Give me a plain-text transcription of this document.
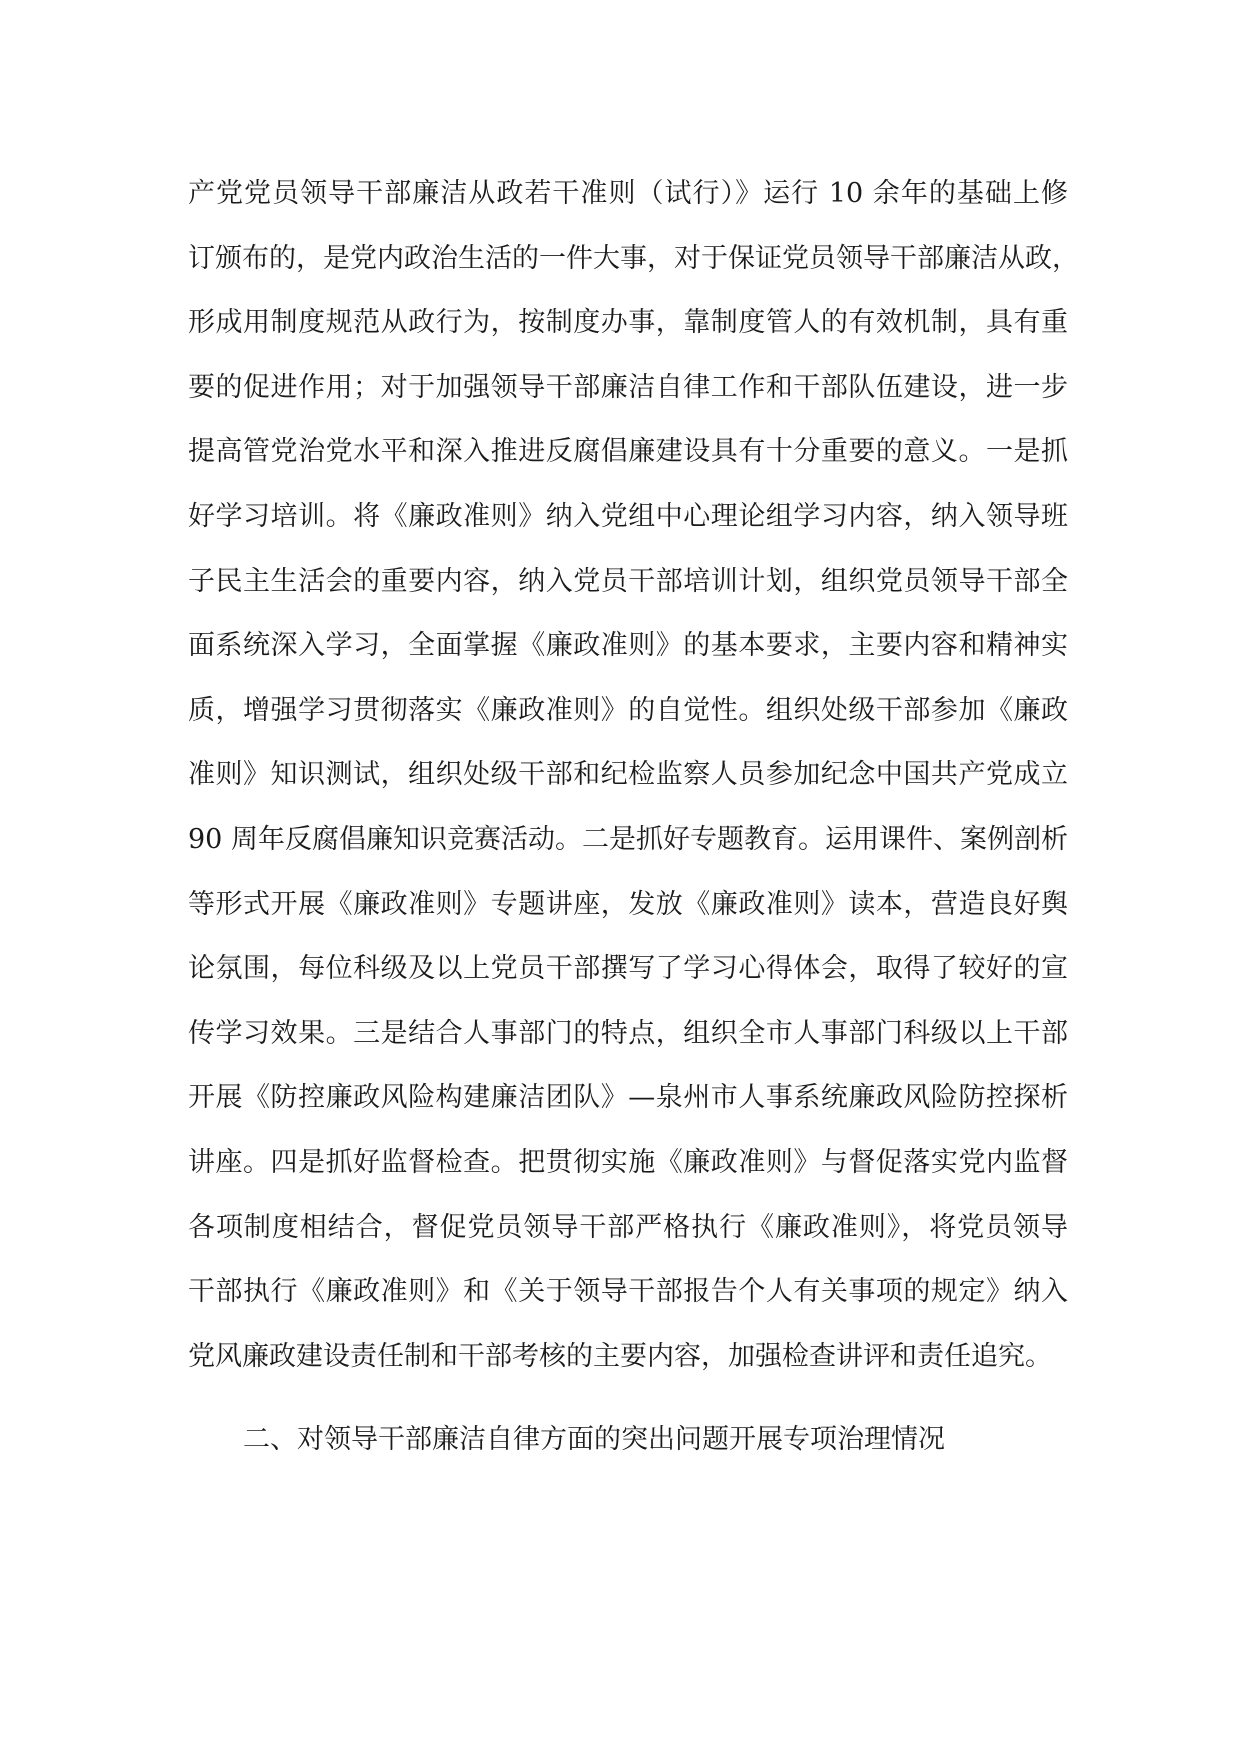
产党党员领导干部廉洁从政若干准则（试行）》运行 10 余年的基础上修
订颁布的，是党内政治生活的一件大事，对于保证党员领导干部廉洁从政，
形成用制度规范从政行为，按制度办事，靠制度管人的有效机制，具有重
要的促进作用；对于加强领导干部廉洁自律工作和干部队伍建设，进一步
提高管党治党水平和深入推进反腐倡廉建设具有十分重要的意义。一是抓
好学习培训。将《廉政准则》纳入党组中心理论组学习内容，纳入领导班
子民主生活会的重要内容，纳入党员干部培训计划，组织党员领导干部全
面系统深入学习，全面掌握《廉政准则》的基本要求，主要内容和精神实
质，增强学习贯彻落实《廉政准则》的自觉性。组织处级干部参加《廉政
准则》知识测试，组织处级干部和纪检监察人员参加纪念中国共产党成立
90 周年反腐倡廉知识竞赛活动。二是抓好专题教育。运用课件、案例剖析
等形式开展《廉政准则》专题讲座，发放《廉政准则》读本，营造良好舆
论氛围，每位科级及以上党员干部撰写了学习心得体会，取得了较好的宣
传学习效果。三是结合人事部门的特点，组织全市人事部门科级以上干部
开展《防控廉政风险构建廉洁团队》—泉州市人事系统廉政风险防控探析
讲座。四是抓好监督检查。把贯彻实施《廉政准则》与督促落实党内监督
各项制度相结合，督促党员领导干部严格执行《廉政准则》，将党员领导
干部执行《廉政准则》和《关于领导干部报告个人有关事项的规定》纳入
党风廉政建设责任制和干部考核的主要内容，加强检查讲评和责任追究。
二、对领导干部廉洁自律方面的突出问题开展专项治理情况
